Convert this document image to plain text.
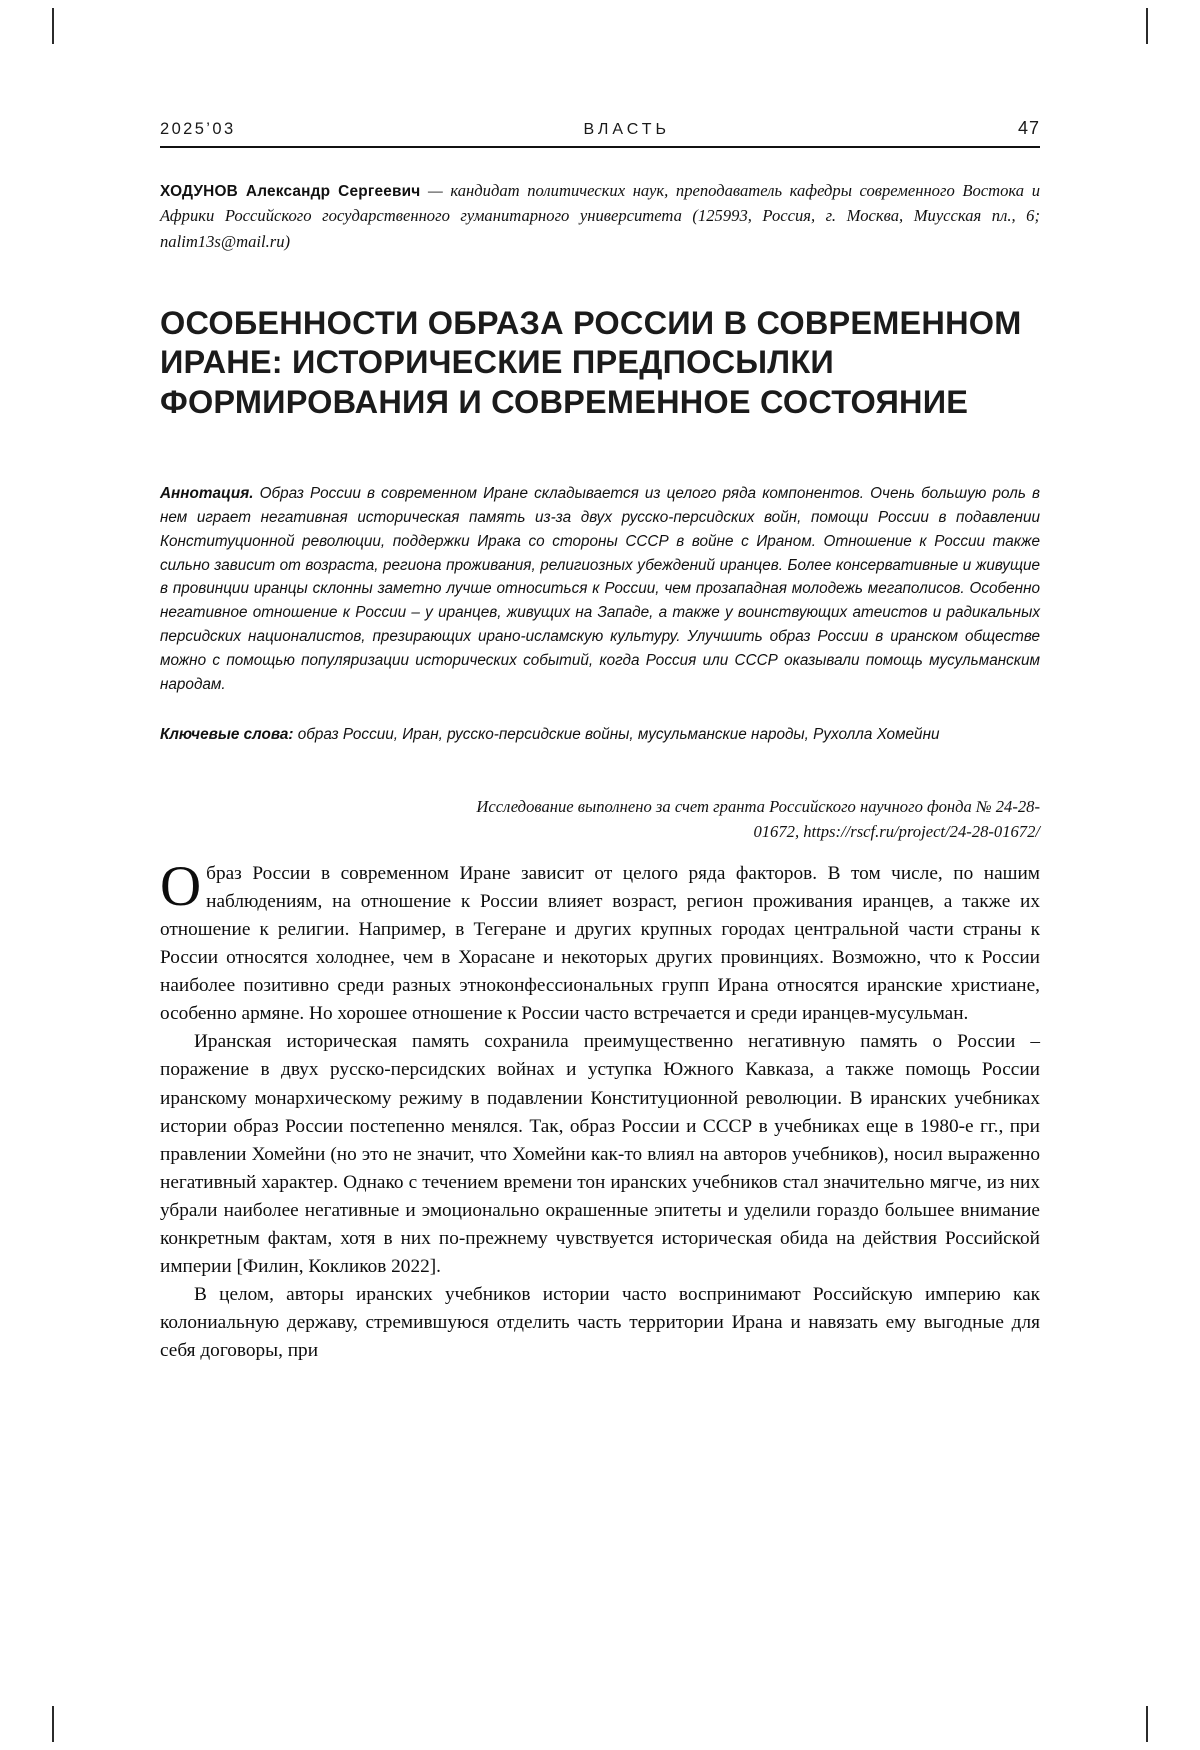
2025’03	ВЛАСТЬ	47
ХОДУНОВ Александр Сергеевич — кандидат политических наук, преподаватель кафедры современного Востока и Африки Российского государственного гуманитарного университета (125993, Россия, г. Москва, Миусская пл., 6; nalim13s@mail.ru)
ОСОБЕННОСТИ ОБРАЗА РОССИИ В СОВРЕМЕННОМ ИРАНЕ: ИСТОРИЧЕСКИЕ ПРЕДПОСЫЛКИ ФОРМИРОВАНИЯ И СОВРЕМЕННОЕ СОСТОЯНИЕ
Аннотация. Образ России в современном Иране складывается из целого ряда компонентов. Очень большую роль в нем играет негативная историческая память из-за двух русско-персидских войн, помощи России в подавлении Конституционной революции, поддержки Ирака со стороны СССР в войне с Ираном. Отношение к России также сильно зависит от возраста, региона проживания, религиозных убеждений иранцев. Более консервативные и живущие в провинции иранцы склонны заметно лучше относиться к России, чем прозападная молодежь мегаполисов. Особенно негативное отношение к России – у иранцев, живущих на Западе, а также у воинствующих атеистов и радикальных персидских националистов, презирающих ирано-исламскую культуру. Улучшить образ России в иранском обществе можно с помощью популяризации исторических событий, когда Россия или СССР оказывали помощь мусульманским народам.
Ключевые слова: образ России, Иран, русско-персидские войны, мусульманские народы, Рухолла Хомейни
Исследование выполнено за счет гранта Российского научного фонда № 24-28-01672, https://rscf.ru/project/24-28-01672/

Образ России в современном Иране зависит от целого ряда факторов. В том числе, по нашим наблюдениям, на отношение к России влияет возраст, регион проживания иранцев, а также их отношение к религии. Например, в Тегеране и других крупных городах центральной части страны к России относятся холоднее, чем в Хорасане и некоторых других провинциях. Возможно, что к России наиболее позитивно среди разных этноконфессиональных групп Ирана относятся иранские христиане, особенно армяне. Но хорошее отношение к России часто встречается и среди иранцев-мусульман.

Иранская историческая память сохранила преимущественно негативную память о России – поражение в двух русско-персидских войнах и уступка Южного Кавказа, а также помощь России иранскому монархическому режиму в подавлении Конституционной революции. В иранских учебниках истории образ России постепенно менялся. Так, образ России и СССР в учебниках еще в 1980-е гг., при правлении Хомейни (но это не значит, что Хомейни как-то влиял на авторов учебников), носил выраженно негативный характер. Однако с течением времени тон иранских учебников стал значительно мягче, из них убрали наиболее негативные и эмоционально окрашенные эпитеты и уделили гораздо большее внимание конкретным фактам, хотя в них по-прежнему чувствуется историческая обида на действия Российской империи [Филин, Кокликов 2022].

В целом, авторы иранских учебников истории часто воспринимают Российскую империю как колониальную державу, стремившуюся отделить часть территории Ирана и навязать ему выгодные для себя договоры, при
